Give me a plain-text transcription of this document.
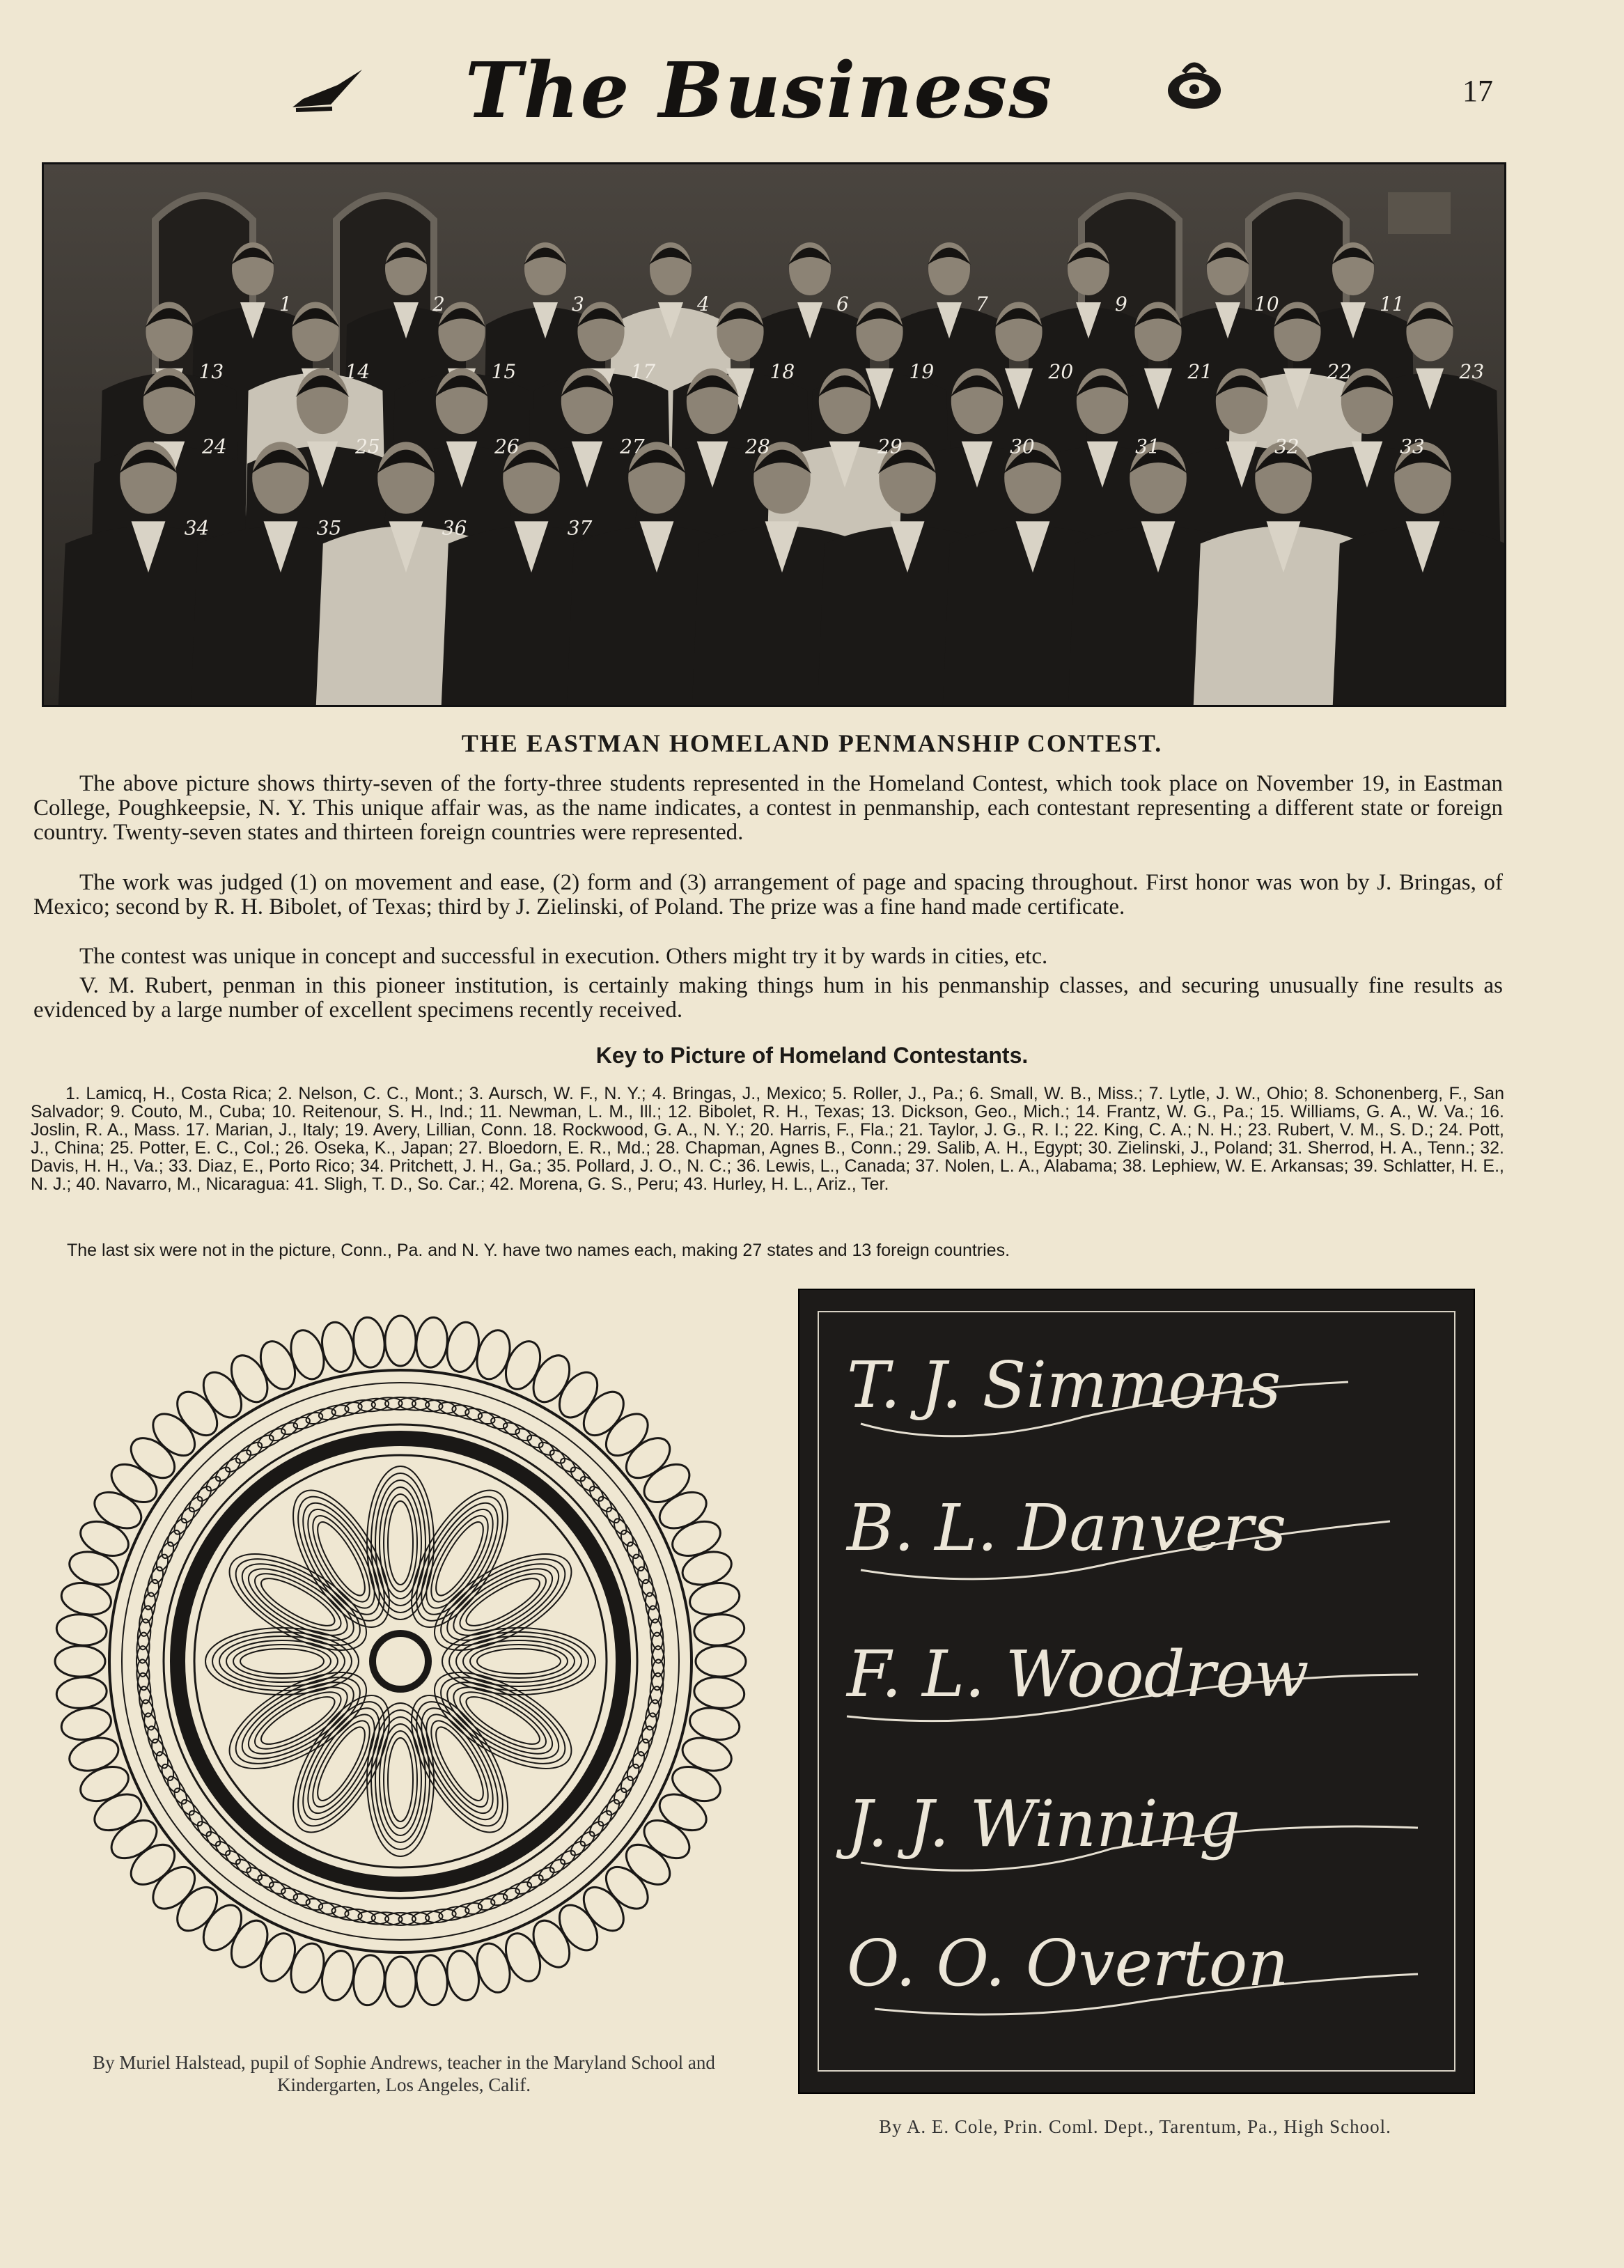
The Business	17
1	2	3	4	6	7	9	10	11
13	14	15	17	18	19	20	21	22	23
24	25	26	27	28	29	30	31	32	33
34	35	36	37
THE EASTMAN HOMELAND PENMANSHIP CONTEST.
The above picture shows thirty-seven of the forty-three students represented in the Homeland Contest, which took place on November 19, in Eastman College, Poughkeepsie, N. Y. This unique affair was, as the name indicates, a contest in penmanship, each contestant representing a different state or foreign country. Twenty-seven states and thirteen foreign countries were represented.
The work was judged (1) on movement and ease, (2) form and (3) arrangement of page and spacing throughout. First honor was won by J. Bringas, of Mexico; second by R. H. Bibolet, of Texas; third by J. Zielinski, of Poland. The prize was a fine hand made certificate.
The contest was unique in concept and successful in execution. Others might try it by wards in cities, etc.
V. M. Rubert, penman in this pioneer institution, is certainly making things hum in his penmanship classes, and securing unusually fine results as evidenced by a large number of excellent specimens recently received.
Key to Picture of Homeland Contestants.
1. Lamicq, H., Costa Rica; 2. Nelson, C. C., Mont.; 3. Aursch, W. F., N. Y.; 4. Bringas, J., Mexico; 5. Roller, J., Pa.; 6. Small, W. B., Miss.; 7. Lytle, J. W., Ohio; 8. Schonenberg, F., San Salvador; 9. Couto, M., Cuba; 10. Reitenour, S. H., Ind.; 11. Newman, L. M., Ill.; 12. Bibolet, R. H., Texas; 13. Dickson, Geo., Mich.; 14. Frantz, W. G., Pa.; 15. Williams, G. A., W. Va.; 16. Joslin, R. A., Mass. 17. Marian, J., Italy; 19. Avery, Lillian, Conn. 18. Rockwood, G. A., N. Y.; 20. Harris, F., Fla.; 21. Taylor, J. G., R. I.; 22. King, C. A.; N. H.; 23. Rubert, V. M., S. D.; 24. Pott, J., China; 25. Potter, E. C., Col.; 26. Oseka, K., Japan; 27. Bloedorn, E. R., Md.; 28. Chapman, Agnes B., Conn.; 29. Salib, A. H., Egypt; 30. Zielinski, J., Poland; 31. Sherrod, H. A., Tenn.; 32. Davis, H. H., Va.; 33. Diaz, E., Porto Rico; 34. Pritchett, J. H., Ga.; 35. Pollard, J. O., N. C.; 36. Lewis, L., Canada; 37. Nolen, L. A., Alabama; 38. Lephiew, W. E. Arkansas; 39. Schlatter, H. E., N. J.; 40. Navarro, M., Nicaragua: 41. Sligh, T. D., So. Car.; 42. Morena, G. S., Peru; 43. Hurley, H. L., Ariz., Ter.
The last six were not in the picture, Conn., Pa. and N. Y. have two names each, making 27 states and 13 foreign countries.
By Muriel Halstead, pupil of Sophie Andrews, teacher in the Maryland School and Kindergarten, Los Angeles, Calif.
T. J. Simmons
B. L. Danvers
F. L. Woodrow
J. J. Winning
O. O. Overton
By A. E. Cole, Prin. Coml. Dept., Tarentum, Pa., High School.
